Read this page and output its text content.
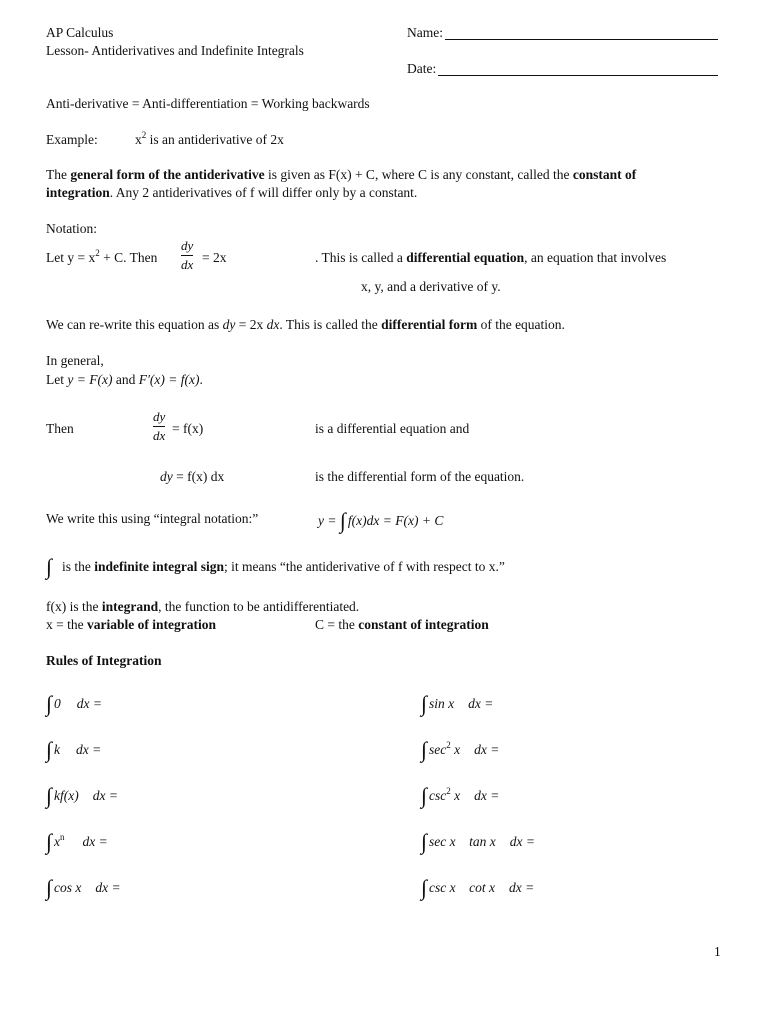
AP Calculus
Lesson- Antiderivatives and Indefinite Integrals
Name:
Date:
Anti-derivative = Anti-differentiation = Working backwards
Example:	$x^2$ is an antiderivative of 2x
The general form of the antiderivative is given as F(x) + C, where C is any constant, called the constant of
integration. Any 2 antiderivatives of f will differ only by a constant.
Notation:
Let $y = x^2 + C$. Then
dy
dx = 2x	. This is called a differential equation, an equation that involves
x, y, and a derivative of y.
We can re-write this equation as dy = 2x dx. This is called the differential form of the equation.
In general,
Let y = F(x) and F′(x) = f(x).
Then
dy
dx = f(x)	is a differential equation and
dy = f(x) dx	is the differential form of the equation.
We write this using “integral notation:”	y = ∫ f(x)dx = F(x) + C
∫ is the indefinite integral sign; it means “the antiderivative of f with respect to x.”
f(x) is the integrand, the function to be antidifferentiated.
x = the variable of integration	C = the constant of integration
Rules of Integration
∫ 0 dx =
∫ k dx =
∫ kf(x) dx =
∫ $x^n$ dx =
∫ cos x dx =
∫ sin x dx =
∫ $\sec^2 x$ dx =
∫ $\csc^2 x$ dx =
∫ sec x    tan x dx =
∫ csc x    cot x dx =
1
